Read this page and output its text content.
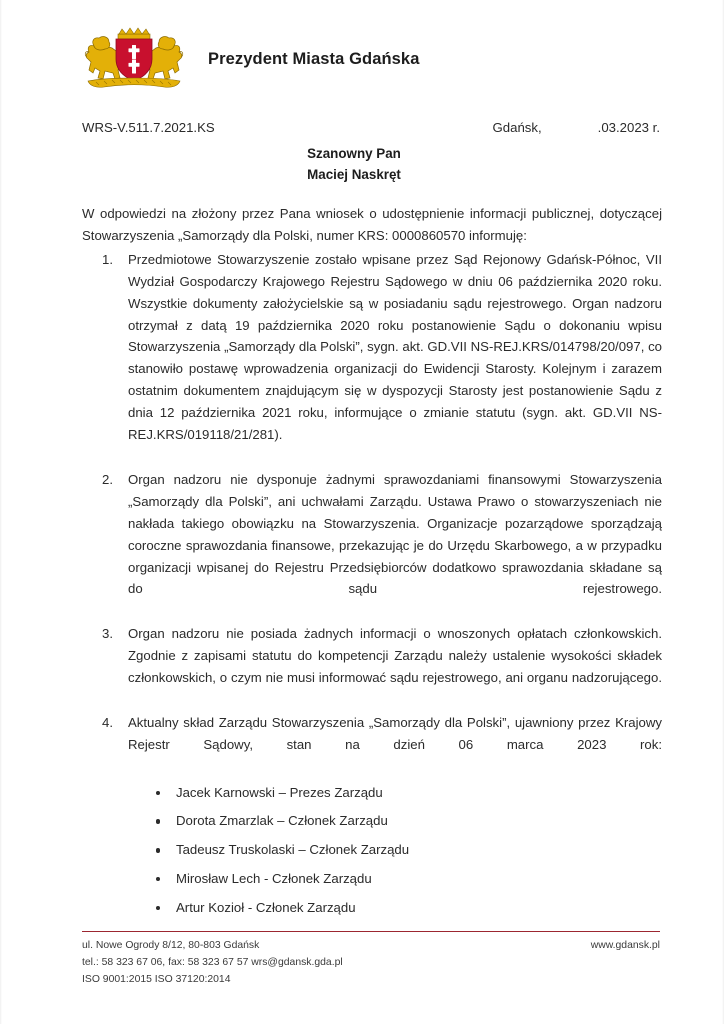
Prezydent Miasta Gdańska
WRS-V.511.7.2021.KS	Gdańsk,	.03.2023 r.
Szanowny Pan
Maciej Naskręt

W odpowiedzi na złożony przez Pana wniosek o udostępnienie informacji publicznej, dotyczącej Stowarzyszenia „Samorządy dla Polski, numer KRS: 0000860570 informuję:

Przedmiotowe Stowarzyszenie zostało wpisane przez Sąd Rejonowy Gdańsk-Północ, VII Wydział Gospodarczy Krajowego Rejestru Sądowego w dniu 06 października 2020 roku. Wszystkie dokumenty założycielskie są w posiadaniu sądu rejestrowego. Organ nadzoru otrzymał z datą 19 października 2020 roku postanowienie Sądu o dokonaniu wpisu Stowarzyszenia „Samorządy dla Polski”, sygn. akt. GD.VII NS-REJ.KRS/014798/20/097, co stanowiło postawę wprowadzenia organizacji do Ewidencji Starosty. Kolejnym i zarazem ostatnim dokumentem znajdującym się w dyspozycji Starosty jest postanowienie Sądu z dnia 12 października 2021 roku, informujące o zmianie statutu (sygn. akt. GD.VII NS-REJ.KRS/019118/21/281).

Organ nadzoru nie dysponuje żadnymi sprawozdaniami finansowymi Stowarzyszenia „Samorządy dla Polski”, ani uchwałami Zarządu. Ustawa Prawo o stowarzyszeniach nie nakłada takiego obowiązku na Stowarzyszenia. Organizacje pozarządowe sporządzają coroczne sprawozdania finansowe, przekazując je do Urzędu Skarbowego, a w przypadku organizacji wpisanej do Rejestru Przedsiębiorców dodatkowo sprawozdania składane są do sądu rejestrowego.

Organ nadzoru nie posiada żadnych informacji o wnoszonych opłatach członkowskich. Zgodnie z zapisami statutu do kompetencji Zarządu należy ustalenie wysokości składek członkowskich, o czym nie musi informować sądu rejestrowego, ani organu nadzorującego.

Aktualny skład Zarządu Stowarzyszenia „Samorządy dla Polski”, ujawniony przez Krajowy Rejestr Sądowy, stan na dzień 06 marca 2023 rok:

Jacek Karnowski – Prezes Zarządu
Dorota Zmarzlak – Członek Zarządu
Tadeusz Truskolaski – Członek Zarządu
Mirosław Lech - Członek Zarządu
Artur Kozioł - Członek Zarządu
ul. Nowe Ogrody 8/12, 80-803 Gdańsk
tel.: 58 323 67 06, fax: 58 323 67 57 wrs@gdansk.gda.pl
ISO 9001:2015 ISO 37120:2014
www.gdansk.pl
